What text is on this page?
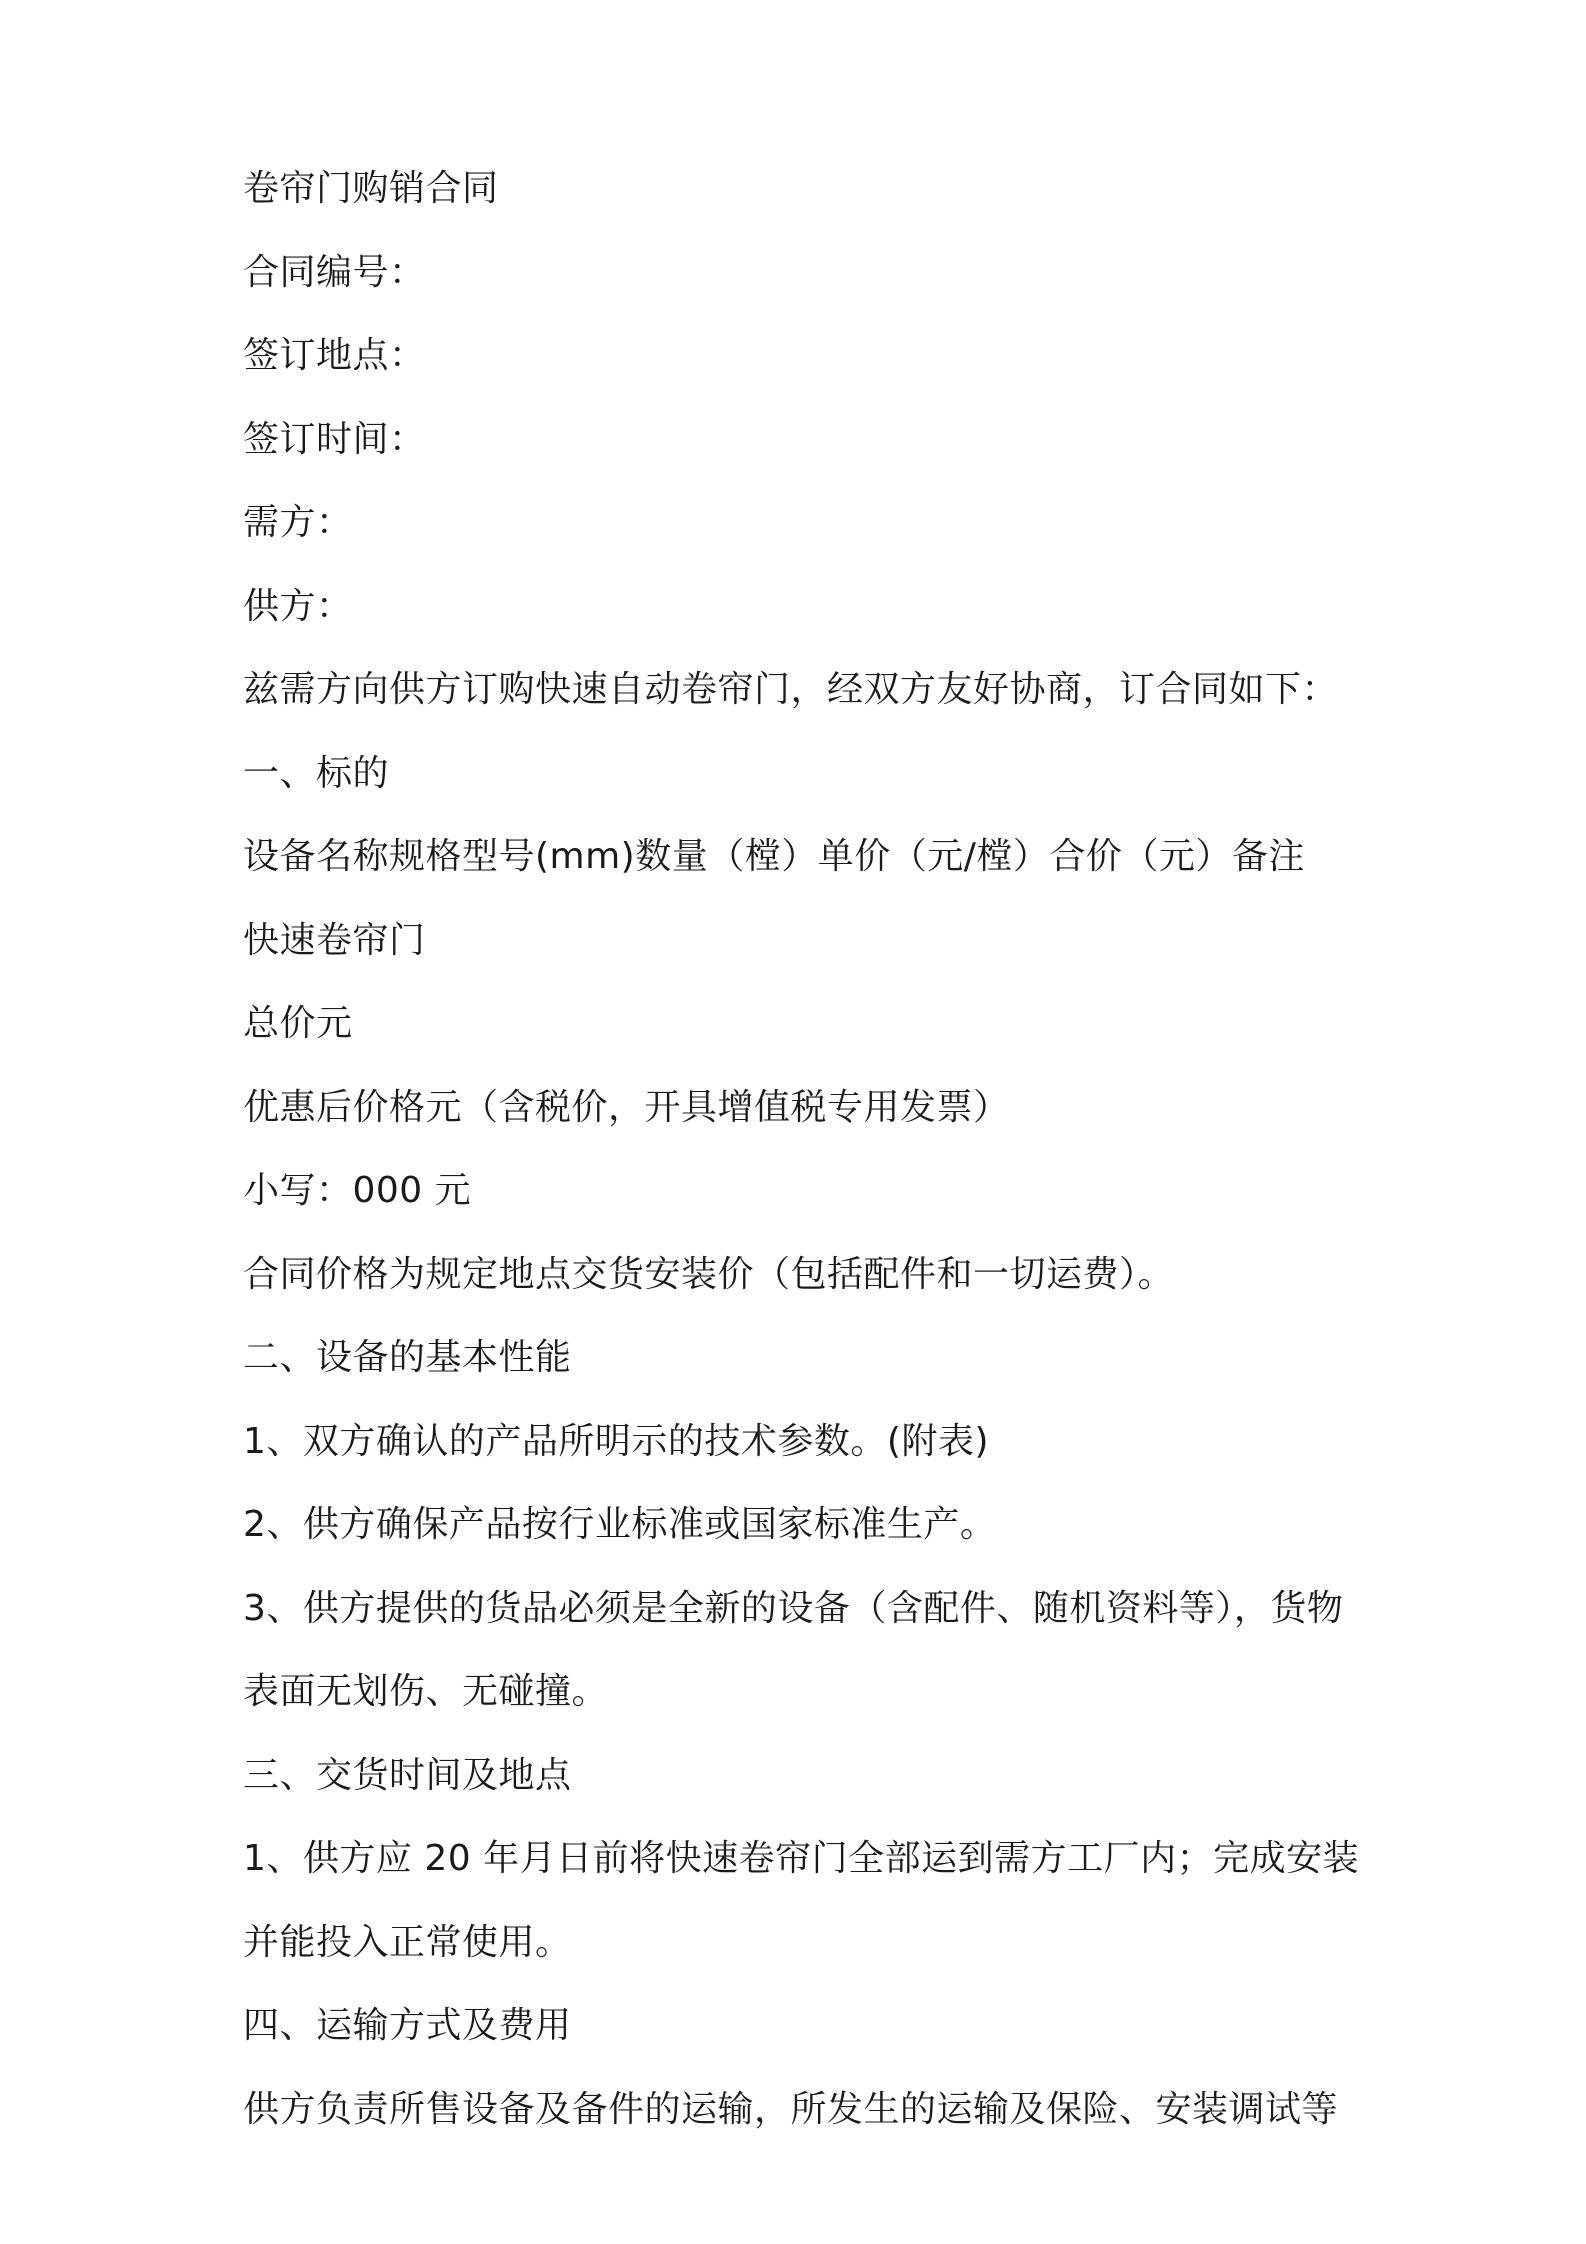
卷帘门购销合同
合同编号：
签订地点：
签订时间：
需方：
供方：
兹需方向供方订购快速自动卷帘门，经双方友好协商，订合同如下：
一、标的
设备名称规格型号(mm)数量（樘）单价（元/樘）合价（元）备注
快速卷帘门
总价元
优惠后价格元（含税价，开具增值税专用发票）
小写：000 元
合同价格为规定地点交货安装价（包括配件和一切运费）。
二、设备的基本性能
1、双方确认的产品所明示的技术参数。(附表)
2、供方确保产品按行业标准或国家标准生产。
3、供方提供的货品必须是全新的设备（含配件、随机资料等），货物
表面无划伤、无碰撞。
三、交货时间及地点
1、供方应 20 年月日前将快速卷帘门全部运到需方工厂内；完成安装
并能投入正常使用。
四、运输方式及费用
供方负责所售设备及备件的运输，所发生的运输及保险、安装调试等
